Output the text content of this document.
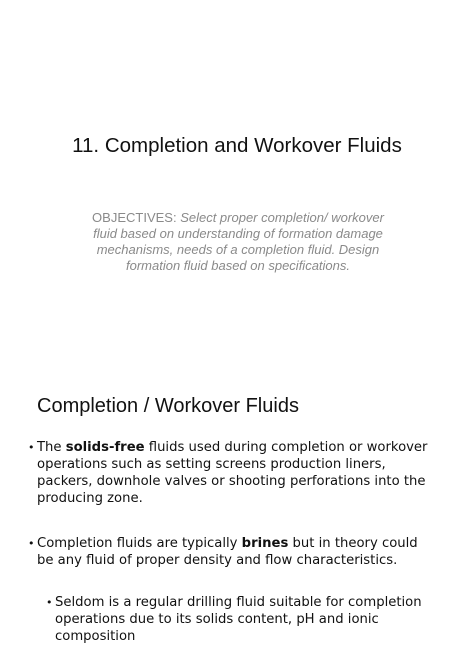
11. Completion and Workover Fluids
OBJECTIVES: Select proper completion/ workover fluid based on understanding of formation damage mechanisms, needs of a completion fluid. Design formation fluid based on specifications.
Completion / Workover Fluids
• The solids-free fluids used during completion or workover operations such as setting screens production liners, packers, downhole valves or shooting perforations into the producing zone.
• Completion fluids are typically brines but in theory could be any fluid of proper density and flow characteristics.
• Seldom is a regular drilling fluid suitable for completion operations due to its solids content, pH and ionic composition
